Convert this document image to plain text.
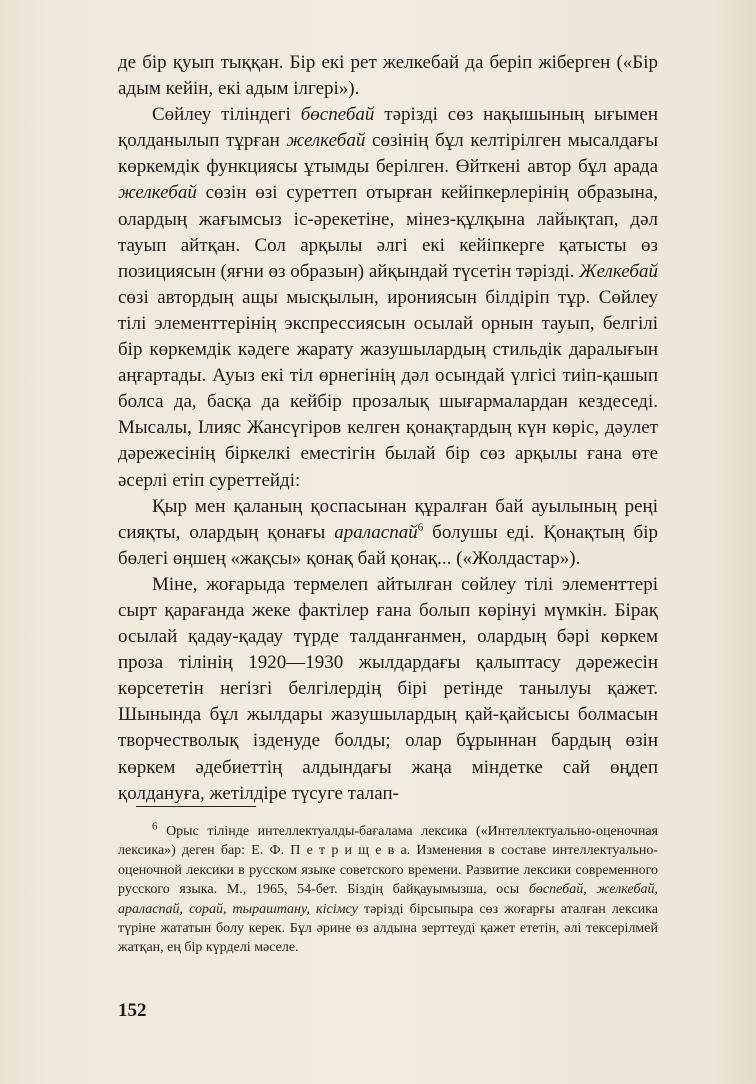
де бір қуып тыққан. Бір екі рет желкебай да беріп жіберген («Бір адым кейін, екі адым ілгері»).

Сөйлеу тіліндегі бөспебай тәрізді сөз нақышының ығымен қолданылып тұрған желкебай сөзінің бұл келтірілген мысалдағы көркемдік функциясы ұтымды берілген. Өйткені автор бұл арада желкебай сөзін өзі суреттеп отырған кейіпкерлерінің образына, олардың жағымсыз іс-әрекетіне, мінез-құлқына лайықтап, дәл тауып айтқан. Сол арқылы әлгі екі кейіпкерге қатысты өз позициясын (яғни өз образын) айқындай түсетін тәрізді. Желкебай сөзі автордың ащы мысқылын, ирониясын білдіріп тұр. Сөйлеу тілі элементтерінің экспрессиясын осылай орнын тауып, белгілі бір көркемдік кәдеге жарату жазушылардың стильдік даралығын аңғартады. Ауыз екі тіл өрнегінің дәл осындай үлгісі тиіп-қашып болса да, басқа да кейбір прозалық шығармалардан кездеседі. Мысалы, Ілияс Жансүгіров келген қонақтардың күн көріс, дәулет дәрежесінің біркелкі еместігін былай бір сөз арқылы ғана өте әсерлі етіп суреттейді:

Қыр мен қаланың қоспасынан құралған бай ауылының реңі сияқты, олардың қонағы араласпай$^6$ болушы еді. Қонақтың бір бөлегі өңшең «жақсы» қонақ бай қонақ... («Жолдастар»).

Міне, жоғарыда термелеп айтылған сөйлеу тілі элементтері сырт қарағанда жеке фактілер ғана болып көрінуі мүмкін. Бірақ осылай қадау-қадау түрде талданғанмен, олардың бәрі көркем проза тілінің 1920—1930 жылдардағы қалыптасу дәрежесін көрсететін негізгі белгілердің бірі ретінде танылуы қажет. Шынында бұл жылдары жазушылардың қай-қайсысы болмасын творчестволық ізденуде болды; олар бұрыннан бардың өзін көркем әдебиеттің алдындағы жаңа міндетке сай өңдеп қолдануға, жетілдіре түсуге талап-

$^6$ Орыс тілінде интеллектуалды-бағалама лексика («Интеллектуально-оценочная лексика») деген бар: Е. Ф. П е т р и щ е в а. Изменения в составе интеллектуально-оценочной лексики в русском языке советского времени. Развитие лексики современного русского языка. М., 1965, 54-бет. Біздің байқауымызша, осы бөспебай, желкебай, араласпай, сорай, тыраштану, кісімсу тәрізді бірсыпыра сөз жоғарғы аталған лексика түріне жататын болу керек. Бұл әрине өз алдына зерттеуді қажет ететін, әлі тексерілмей жатқан, ең бір күрделі мәселе.

152
